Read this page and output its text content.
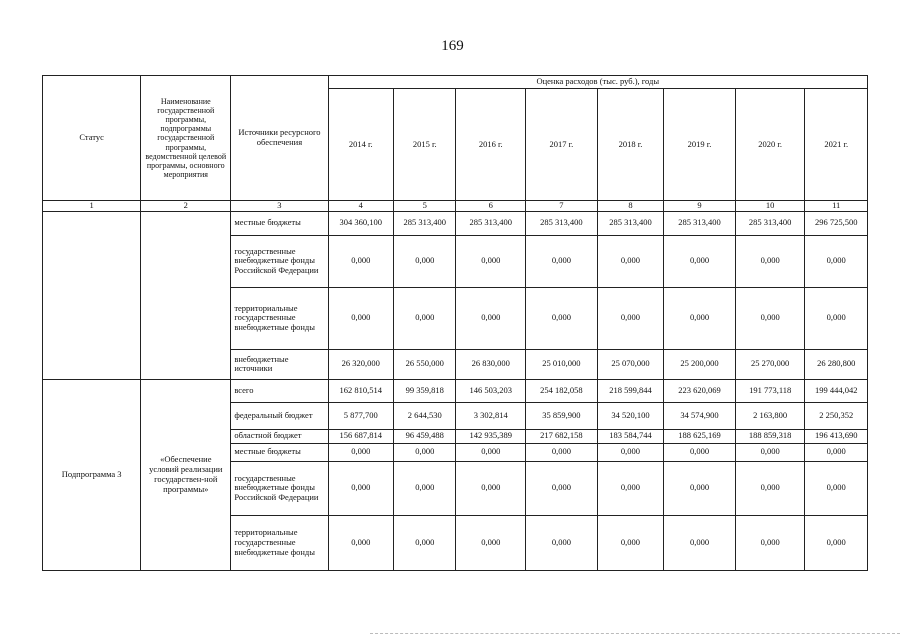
169
Статус	Наименование государственной программы, подпрограммы государственной программы, ведомственной целевой программы, основного мероприятия	Источники ресурсного обеспечения	Оценка расходов (тыс. руб.), годы							
			2014 г.	2015 г.	2016 г.	2017 г.	2018 г.	2019 г.	2020 г.	2021 г.
1	2	3	4	5	6	7	8	9	10	11
		местные бюджеты	304 360,100	285 313,400	285 313,400	285 313,400	285 313,400	285 313,400	285 313,400	296 725,500
		государственные внебюджетные фонды Российской Федерации	0,000	0,000	0,000	0,000	0,000	0,000	0,000	0,000
		территориальные государственные внебюджетные фонды	0,000	0,000	0,000	0,000	0,000	0,000	0,000	0,000
		внебюджетные источники	26 320,000	26 550,000	26 830,000	25 010,000	25 070,000	25 200,000	25 270,000	26 280,800
Подпрограмма 3	«Обеспечение условий реализации государствен-ной программы»	всего	162 810,514	99 359,818	146 503,203	254 182,058	218 599,844	223 620,069	191 773,118	199 444,042
		федеральный бюджет	5 877,700	2 644,530	3 302,814	35 859,900	34 520,100	34 574,900	2 163,800	2 250,352
		областной бюджет	156 687,814	96 459,488	142 935,389	217 682,158	183 584,744	188 625,169	188 859,318	196 413,690
		местные бюджеты	0,000	0,000	0,000	0,000	0,000	0,000	0,000	0,000
		государственные внебюджетные фонды Российской Федерации	0,000	0,000	0,000	0,000	0,000	0,000	0,000	0,000
		территориальные государственные внебюджетные фонды	0,000	0,000	0,000	0,000	0,000	0,000	0,000	0,000
